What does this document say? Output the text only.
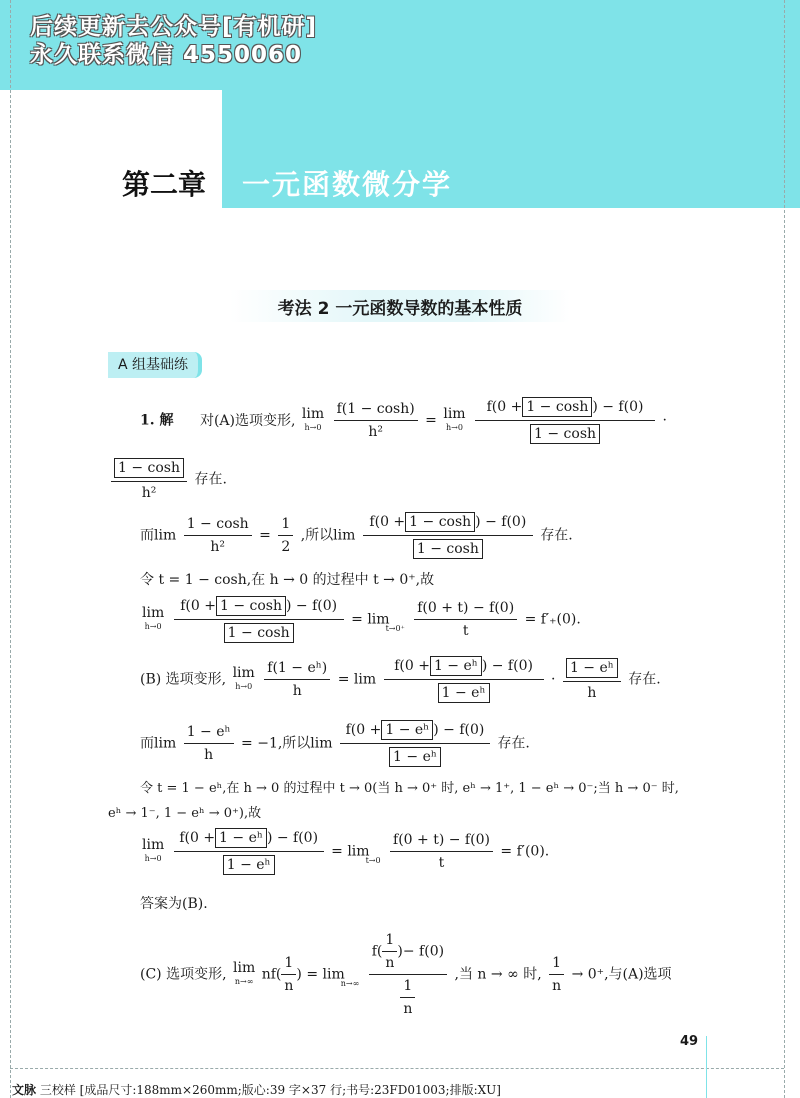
后续更新去公众号[有机研]
永久联系微信 4550060
第二章 一元函数微分学
考法 2 一元函数导数的基本性质
A 组基础练
1. 解 对(A)选项变形, lim
h→0
$\frac{f(1 - \cosh)}{\text{h²}} = \lim$
h→0
$\frac{f(0 + 1 - \cosh ) - f(0)}{1 - \cosh}$ ·
$\frac{1 - \cosh}{\text{h²}}$ 存在.
而$\lim \frac{1 - \cosh}{\text{h²}} = \frac{1}{2}$ ,所以$\lim \frac{f(0 + 1 - \cosh ) - f(0)}{1 - \cosh}$ 存在.
令 t = 1 − cosh,在 h → 0 的过程中 t → 0⁺,故
lim
h→0
$\frac{f(0 + 1 - \cosh ) - f(0)}{1 - \cosh} = \lim$
t→0⁺
$\frac{f(0 + t) - f(0)}{t} = f'_+(0)$.
(B) 选项变形, lim
h→0
$\frac{\text{f(1 − eʰ)}}{h} = \lim \frac{\text{f(0 + 1 − eʰ ) − f(0)}}{\text{1 − eʰ}} \cdot \frac{\text{1 − eʰ}}{h}$ 存在.
而$\lim \frac{\text{1 − eʰ}}{h} = -1$,所以$\lim \frac{\text{f(0 + 1 − eʰ ) − f(0)}}{\text{1 − eʰ}}$ 存在.
令 t = 1 − eʰ,在 h → 0 的过程中 t → 0(当 h → 0⁺ 时, eʰ → 1⁺, 1 − eʰ → 0⁻;当 h → 0⁻ 时,
eʰ → 1⁻, 1 − eʰ → 0⁺),故
lim
h→0
$\frac{\text{f(0 + 1 − eʰ ) − f(0)}}{\text{1 − eʰ}} = \lim$
t→0
$\frac{f(0 + t) - f(0)}{t} = f'(0)$.
答案为(B).
(C) 选项变形, lim
n→∞ $nf( \frac{1}{n}$ ) = lim
n→∞
$\frac{f( \frac{1}{n} )- f(0)}{\frac{1}{n}}$ ,当 n → ∞ 时, $\frac{1}{n} \to 0^+$,与(A)选项
49
文脉 三校样 [成品尺寸:188mm×260mm;版心:39 字×37 行;书号:23FD01003;排版:XU]
